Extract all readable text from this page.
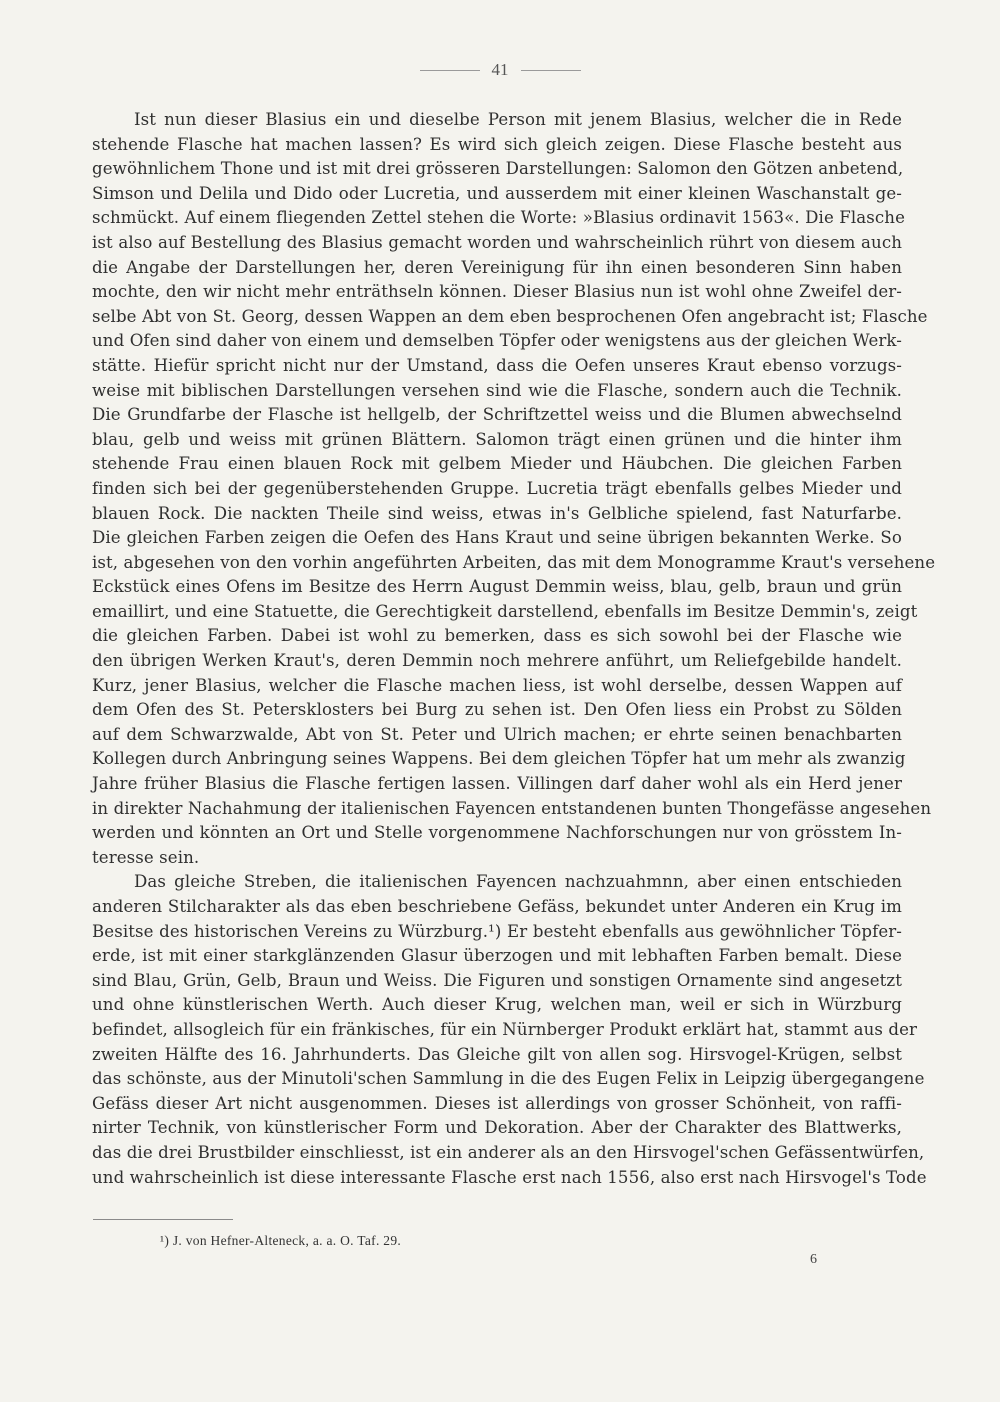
41
Ist nun dieser Blasius ein und dieselbe Person mit jenem Blasius, welcher die in Rede
stehende Flasche hat machen lassen? Es wird sich gleich zeigen. Diese Flasche besteht aus
gewöhnlichem Thone und ist mit drei grösseren Darstellungen: Salomon den Götzen anbetend,
Simson und Delila und Dido oder Lucretia, und ausserdem mit einer kleinen Waschanstalt ge-
schmückt. Auf einem fliegenden Zettel stehen die Worte: »Blasius ordinavit 1563«. Die Flasche
ist also auf Bestellung des Blasius gemacht worden und wahrscheinlich rührt von diesem auch
die Angabe der Darstellungen her, deren Vereinigung für ihn einen besonderen Sinn haben
mochte, den wir nicht mehr enträthseln können. Dieser Blasius nun ist wohl ohne Zweifel der-
selbe Abt von St. Georg, dessen Wappen an dem eben besprochenen Ofen angebracht ist; Flasche
und Ofen sind daher von einem und demselben Töpfer oder wenigstens aus der gleichen Werk-
stätte. Hiefür spricht nicht nur der Umstand, dass die Oefen unseres Kraut ebenso vorzugs-
weise mit biblischen Darstellungen versehen sind wie die Flasche, sondern auch die Technik.
Die Grundfarbe der Flasche ist hellgelb, der Schriftzettel weiss und die Blumen abwechselnd
blau, gelb und weiss mit grünen Blättern. Salomon trägt einen grünen und die hinter ihm
stehende Frau einen blauen Rock mit gelbem Mieder und Häubchen. Die gleichen Farben
finden sich bei der gegenüberstehenden Gruppe. Lucretia trägt ebenfalls gelbes Mieder und
blauen Rock. Die nackten Theile sind weiss, etwas in's Gelbliche spielend, fast Naturfarbe.
Die gleichen Farben zeigen die Oefen des Hans Kraut und seine übrigen bekannten Werke. So
ist, abgesehen von den vorhin angeführten Arbeiten, das mit dem Monogramme Kraut's versehene
Eckstück eines Ofens im Besitze des Herrn August Demmin weiss, blau, gelb, braun und grün
emaillirt, und eine Statuette, die Gerechtigkeit darstellend, ebenfalls im Besitze Demmin's, zeigt
die gleichen Farben. Dabei ist wohl zu bemerken, dass es sich sowohl bei der Flasche wie
den übrigen Werken Kraut's, deren Demmin noch mehrere anführt, um Reliefgebilde handelt.
Kurz, jener Blasius, welcher die Flasche machen liess, ist wohl derselbe, dessen Wappen auf
dem Ofen des St. Petersklosters bei Burg zu sehen ist. Den Ofen liess ein Probst zu Sölden
auf dem Schwarzwalde, Abt von St. Peter und Ulrich machen; er ehrte seinen benachbarten
Kollegen durch Anbringung seines Wappens. Bei dem gleichen Töpfer hat um mehr als zwanzig
Jahre früher Blasius die Flasche fertigen lassen. Villingen darf daher wohl als ein Herd jener
in direkter Nachahmung der italienischen Fayencen entstandenen bunten Thongefässe angesehen
werden und könnten an Ort und Stelle vorgenommene Nachforschungen nur von grösstem In-
teresse sein.
Das gleiche Streben, die italienischen Fayencen nachzuahmnn, aber einen entschieden
anderen Stilcharakter als das eben beschriebene Gefäss, bekundet unter Anderen ein Krug im
Besitse des historischen Vereins zu Würzburg.¹) Er besteht ebenfalls aus gewöhnlicher Töpfer-
erde, ist mit einer starkglänzenden Glasur überzogen und mit lebhaften Farben bemalt. Diese
sind Blau, Grün, Gelb, Braun und Weiss. Die Figuren und sonstigen Ornamente sind angesetzt
und ohne künstlerischen Werth. Auch dieser Krug, welchen man, weil er sich in Würzburg
befindet, allsogleich für ein fränkisches, für ein Nürnberger Produkt erklärt hat, stammt aus der
zweiten Hälfte des 16. Jahrhunderts. Das Gleiche gilt von allen sog. Hirsvogel-Krügen, selbst
das schönste, aus der Minutoli'schen Sammlung in die des Eugen Felix in Leipzig übergegangene
Gefäss dieser Art nicht ausgenommen. Dieses ist allerdings von grosser Schönheit, von raffi-
nirter Technik, von künstlerischer Form und Dekoration. Aber der Charakter des Blattwerks,
das die drei Brustbilder einschliesst, ist ein anderer als an den Hirsvogel'schen Gefässentwürfen,
und wahrscheinlich ist diese interessante Flasche erst nach 1556, also erst nach Hirsvogel's Tode
¹) J. von Hefner-Alteneck, a. a. O. Taf. 29.
6
